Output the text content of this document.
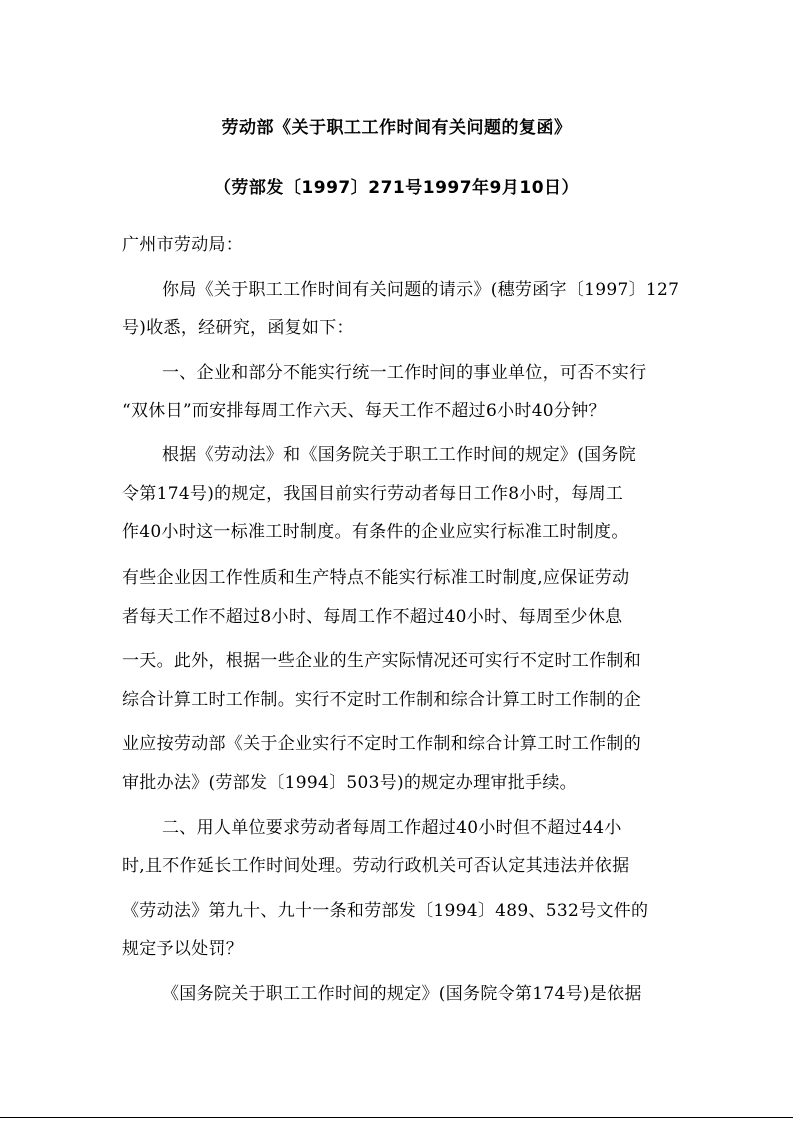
劳动部《关于职工工作时间有关问题的复函》
（劳部发〔1997〕271号1997年9月10日）
广州市劳动局：
你局《关于职工工作时间有关问题的请示》(穗劳函字〔1997〕127
号)收悉，经研究，函复如下：
一、企业和部分不能实行统一工作时间的事业单位，可否不实行
“双休日”而安排每周工作六天、每天工作不超过6小时40分钟？
根据《劳动法》和《国务院关于职工工作时间的规定》(国务院
令第174号)的规定，我国目前实行劳动者每日工作8小时，每周工
作40小时这一标准工时制度。有条件的企业应实行标准工时制度。
有些企业因工作性质和生产特点不能实行标准工时制度,应保证劳动
者每天工作不超过8小时、每周工作不超过40小时、每周至少休息
一天。此外，根据一些企业的生产实际情况还可实行不定时工作制和
综合计算工时工作制。实行不定时工作制和综合计算工时工作制的企
业应按劳动部《关于企业实行不定时工作制和综合计算工时工作制的
审批办法》(劳部发〔1994〕503号)的规定办理审批手续。
二、用人单位要求劳动者每周工作超过40小时但不超过44小
时,且不作延长工作时间处理。劳动行政机关可否认定其违法并依据
《劳动法》第九十、九十一条和劳部发〔1994〕489、532号文件的
规定予以处罚？
《国务院关于职工工作时间的规定》(国务院令第174号)是依据
